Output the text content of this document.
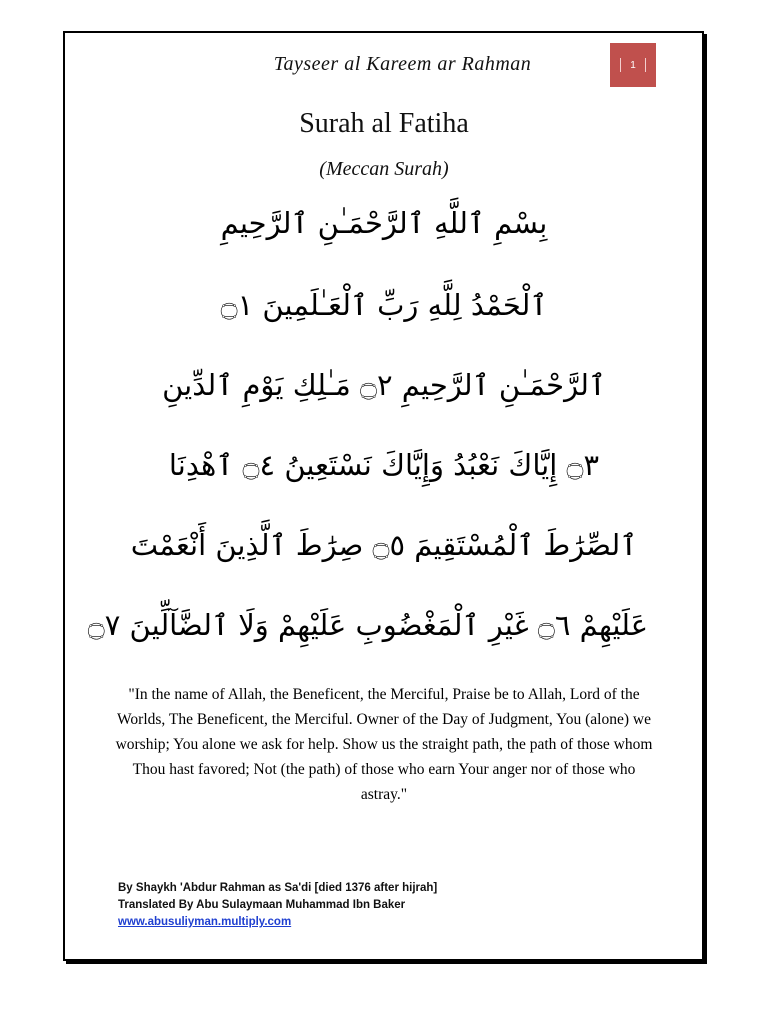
Tayseer al Kareem ar Rahman	1
Surah al Fatiha
(Meccan Surah)
بِسْمِ ٱللَّهِ ٱلرَّحْمَـٰنِ ٱلرَّحِيمِ
ٱلْحَمْدُ لِلَّهِ رَبِّ ٱلْعَـٰلَمِينَ ۝١
ٱلرَّحْمَـٰنِ ٱلرَّحِيمِ ۝٢ مَـٰلِكِ يَوْمِ ٱلدِّينِ
۝٣ إِيَّاكَ نَعْبُدُ وَإِيَّاكَ نَسْتَعِينُ ۝٤ ٱهْدِنَا
ٱلصِّرَٰطَ ٱلْمُسْتَقِيمَ ۝٥ صِرَٰطَ ٱلَّذِينَ أَنْعَمْتَ
عَلَيْهِمْ ۝٦ غَيْرِ ٱلْمَغْضُوبِ عَلَيْهِمْ وَلَا ٱلضَّآلِّينَ ۝٧
"In the name of Allah, the Beneficent, the Merciful, Praise be to Allah, Lord of the Worlds, The Beneficent, the Merciful. Owner of the Day of Judgment, You (alone) we worship; You alone we ask for help. Show us the straight path, the path of those whom Thou hast favored; Not (the path) of those who earn Your anger nor of those who astray."
By Shaykh 'Abdur Rahman as Sa'di [died 1376 after hijrah]
Translated By Abu Sulaymaan Muhammad Ibn Baker
www.abusuliyman.multiply.com
